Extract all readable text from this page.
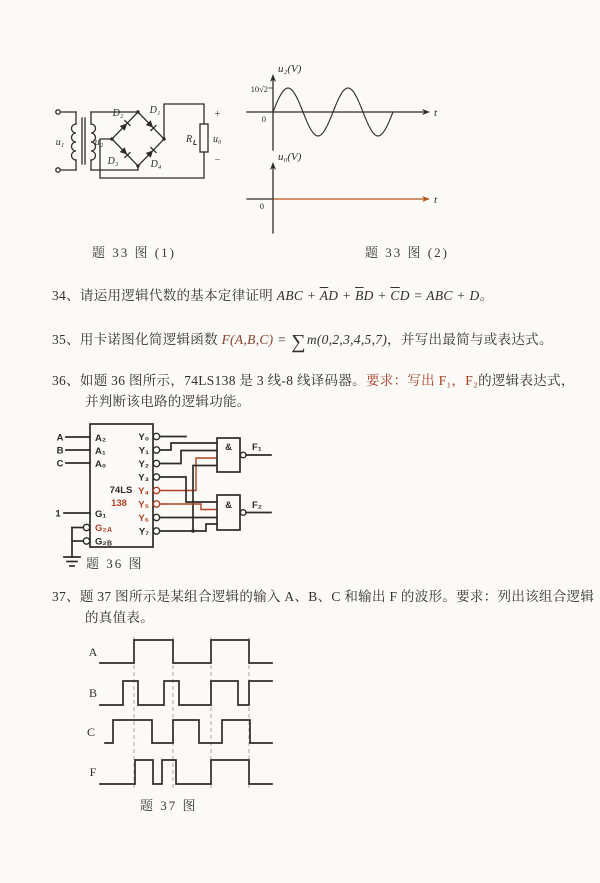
u₁	u₂
D₂	D₁
D₃	D₄
R L
+
u₀
−
u₂(V)
10√2
0	t
u₀(V)
0	t
题 33 图 (1)	题 33 图 (2)
34、请运用逻辑代数的基本定律证明 ABC + $\overline{A}D + \overline{B}D + \overline{C}D$ = ABC + D。
35、用卡诺图化简逻辑函数 F(A,B,C) = ∑m(0,2,3,4,5,7)，并写出最简与或表达式。
36、如题 36 图所示，74LS138 是 3 线-8 线译码器。要求：写出 F₁，F₂的逻辑表达式，
并判断该电路的逻辑功能。
74LS
138
A
B
C
A₂
A₁
A₀
1	G₁
G₂ A
G₂ B
Y₀
Y₁
Y₂
Y₃
Y₄
Y₅
Y₆
Y₇
& F₁
& F₂
题 36 图
37、题 37 图所示是某组合逻辑的输入 A、B、C 和输出 F 的波形。要求：列出该组合逻辑
的真值表。
A
B
C
F
题 37 图
